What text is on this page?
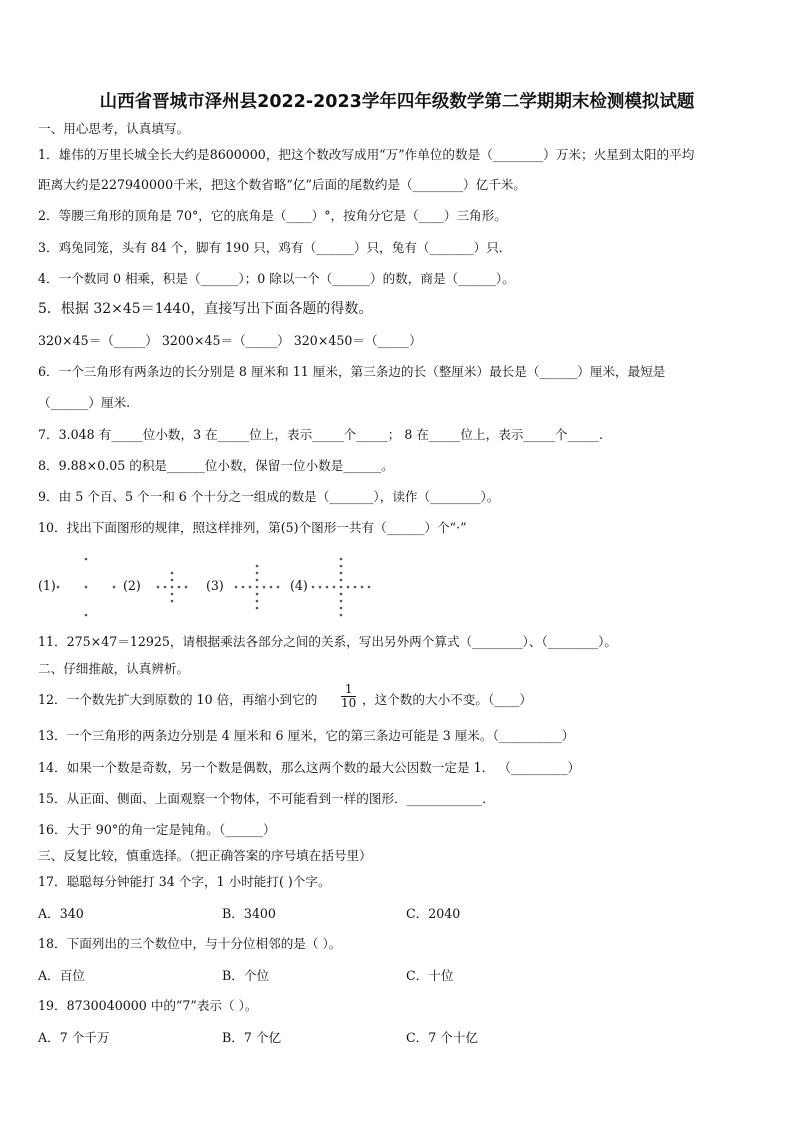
山西省晋城市泽州县2022-2023学年四年级数学第二学期期末检测模拟试题
一、用心思考，认真填写。
1．雄伟的万里长城全长大约是8600000，把这个数改写成用“万”作单位的数是（________）万米；火星到太阳的平均
距离大约是227940000千米，把这个数省略“亿”后面的尾数约是（________）亿千米。
2．等腰三角形的顶角是 70°，它的底角是（____）°，按角分它是（____）三角形。
3．鸡兔同笼，头有 84 个，脚有 190 只，鸡有（______）只，兔有（_______）只．
4．一个数同 0 相乘，积是（______）；0 除以一个（______）的数，商是（______）。
5．根据 32×45＝1440，直接写出下面各题的得数。
320×45＝（_____） 3200×45＝（_____） 320×450＝（_____）
6．一个三角形有两条边的长分别是 8 厘米和 11 厘米，第三条边的长（整厘米）最长是（______）厘米，最短是
（______）厘米.
7．3.048 有_____位小数，3 在_____位上，表示_____个_____； 8 在_____位上，表示_____个_____.
8．9.88×0.05 的积是______位小数，保留一位小数是______。
9．由 5 个百、5 个一和 6 个十分之一组成的数是（_______），读作（________）。
10．找出下面图形的规律，照这样排列，第(5)个图形一共有（______）个“·”
(1)	(2)	(3)	(4)
11．275×47＝12925，请根据乘法各部分之间的关系，写出另外两个算式（________）、（________）。
二、仔细推敲，认真辨析。
12．一个数先扩大到原数的 10 倍，再缩小到它的 $\frac{1}{10}$ ，这个数的大小不变。（____）
13．一个三角形的两条边分别是 4 厘米和 6 厘米，它的第三条边可能是 3 厘米。（__________）
14．如果一个数是奇数，另一个数是偶数，那么这两个数的最大公因数一定是 1． （_________）
15．从正面、侧面、上面观察一个物体，不可能看到一样的图形．____________．
16．大于 90°的角一定是钝角。（______）
三、反复比较，慎重选择。（把正确答案的序号填在括号里）
17．聪聪每分钟能打 34 个字，1 小时能打( )个字。
A．340	B．3400	C．2040
18．下面列出的三个数位中，与十分位相邻的是（ ）。
A．百位	B．个位	C．十位
19．8730040000 中的“7”表示（ ）。
A．7 个千万	B．7 个亿	C．7 个十亿
